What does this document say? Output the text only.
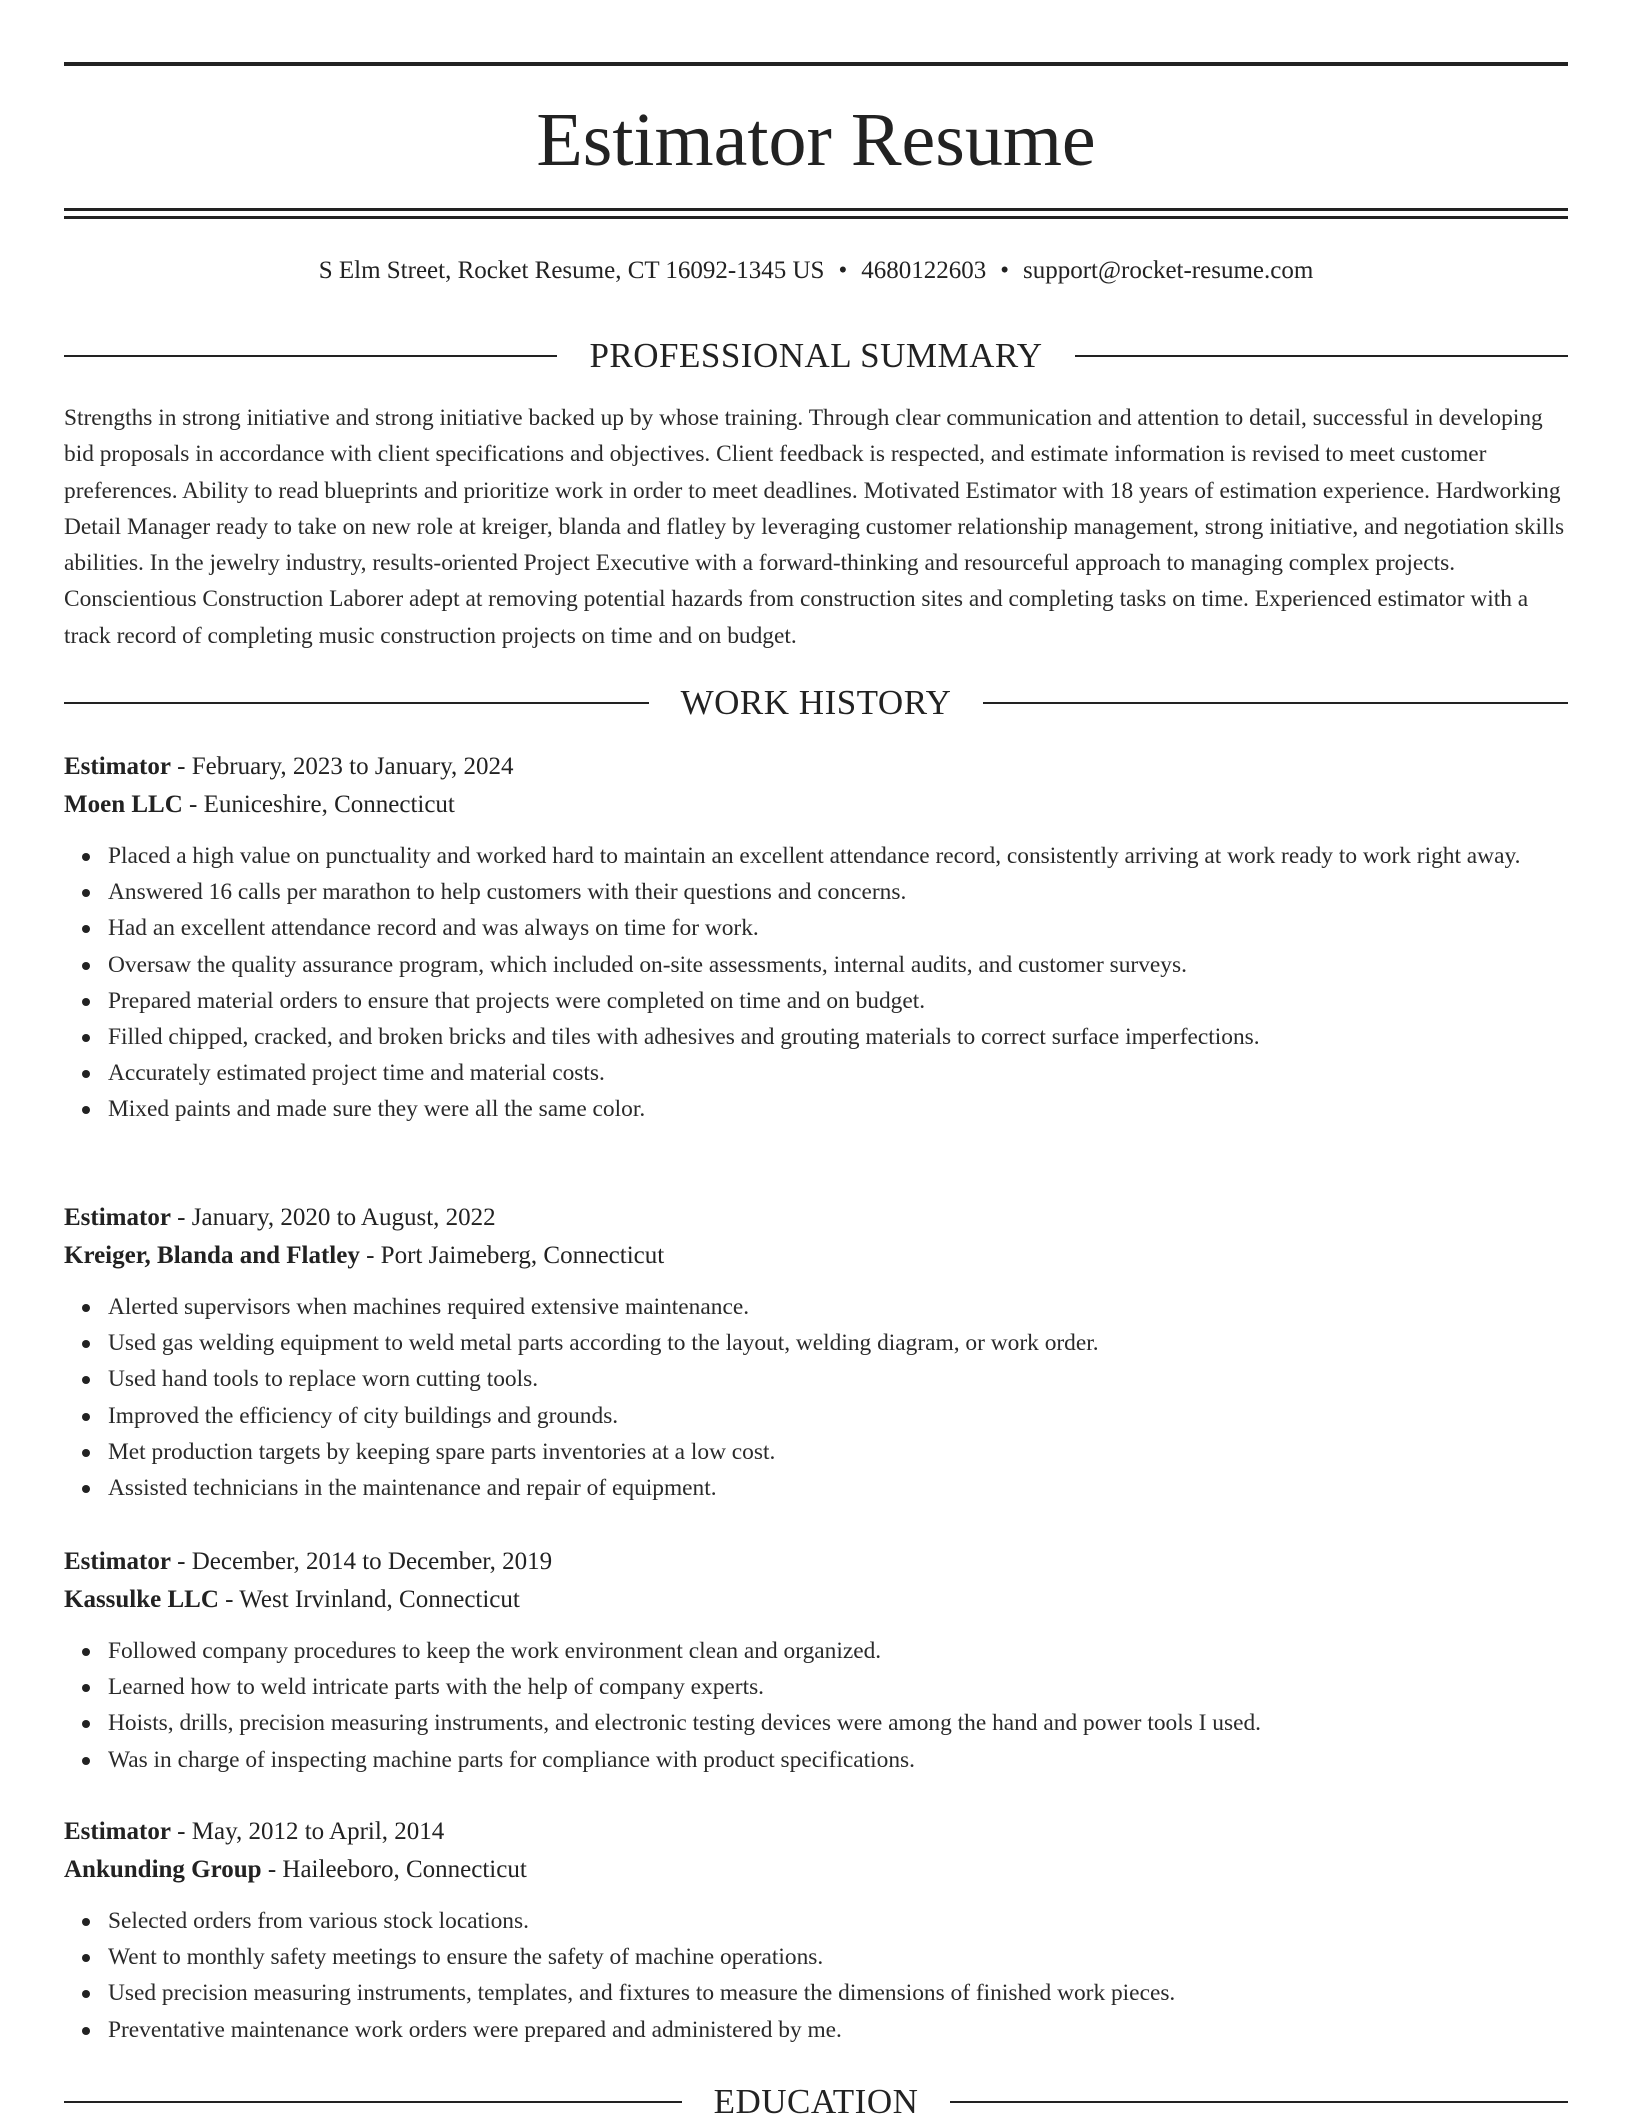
Estimator Resume
S Elm Street, Rocket Resume, CT 16092-1345 US • 4680122603 • support@rocket-resume.com
PROFESSIONAL SUMMARY

Strengths in strong initiative and strong initiative backed up by whose training. Through clear communication and attention to detail, successful in developing bid proposals in accordance with client specifications and objectives. Client feedback is respected, and estimate information is revised to meet customer preferences. Ability to read blueprints and prioritize work in order to meet deadlines. Motivated Estimator with 18 years of estimation experience. Hardworking Detail Manager ready to take on new role at kreiger, blanda and flatley by leveraging customer relationship management, strong initiative, and negotiation skills abilities. In the jewelry industry, results-oriented Project Executive with a forward-thinking and resourceful approach to managing complex projects. Conscientious Construction Laborer adept at removing potential hazards from construction sites and completing tasks on time. Experienced estimator with a track record of completing music construction projects on time and on budget.

WORK HISTORY
Estimator - February, 2023 to January, 2024
Moen LLC - Euniceshire, Connecticut
Placed a high value on punctuality and worked hard to maintain an excellent attendance record, consistently arriving at work ready to work right away.
Answered 16 calls per marathon to help customers with their questions and concerns.
Had an excellent attendance record and was always on time for work.
Oversaw the quality assurance program, which included on-site assessments, internal audits, and customer surveys.
Prepared material orders to ensure that projects were completed on time and on budget.
Filled chipped, cracked, and broken bricks and tiles with adhesives and grouting materials to correct surface imperfections.
Accurately estimated project time and material costs.
Mixed paints and made sure they were all the same color.
Estimator - January, 2020 to August, 2022
Kreiger, Blanda and Flatley - Port Jaimeberg, Connecticut
Alerted supervisors when machines required extensive maintenance.
Used gas welding equipment to weld metal parts according to the layout, welding diagram, or work order.
Used hand tools to replace worn cutting tools.
Improved the efficiency of city buildings and grounds.
Met production targets by keeping spare parts inventories at a low cost.
Assisted technicians in the maintenance and repair of equipment.
Estimator - December, 2014 to December, 2019
Kassulke LLC - West Irvinland, Connecticut
Followed company procedures to keep the work environment clean and organized.
Learned how to weld intricate parts with the help of company experts.
Hoists, drills, precision measuring instruments, and electronic testing devices were among the hand and power tools I used.
Was in charge of inspecting machine parts for compliance with product specifications.
Estimator - May, 2012 to April, 2014
Ankunding Group - Haileeboro, Connecticut
Selected orders from various stock locations.
Went to monthly safety meetings to ensure the safety of machine operations.
Used precision measuring instruments, templates, and fixtures to measure the dimensions of finished work pieces.
Preventative maintenance work orders were prepared and administered by me.
EDUCATION
